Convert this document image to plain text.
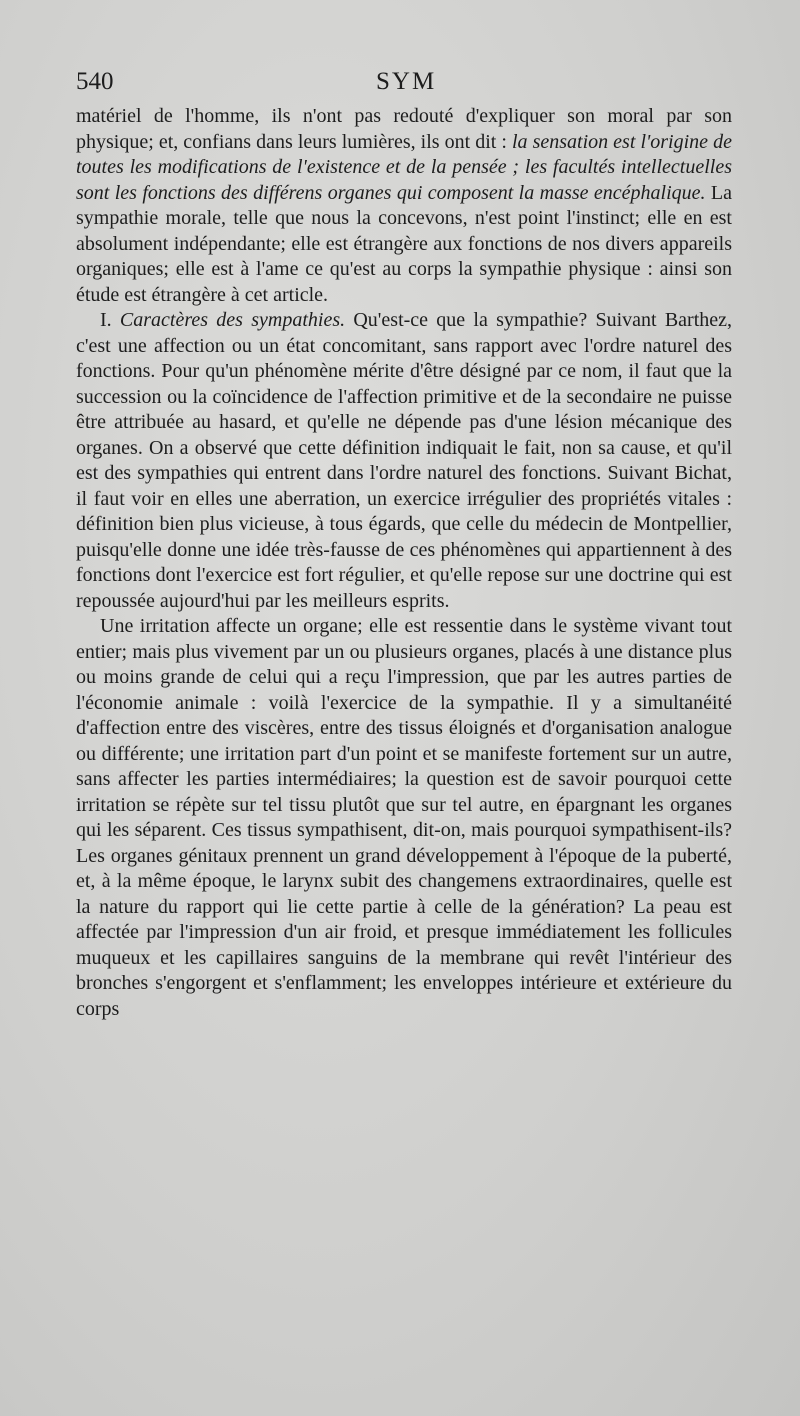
540	SYM

matériel de l'homme, ils n'ont pas redouté d'expliquer son moral par son physique; et, confians dans leurs lumières, ils ont dit : la sensation est l'origine de toutes les modifications de l'existence et de la pensée ; les facultés intellectuelles sont les fonctions des différens organes qui composent la masse encéphalique. La sympathie morale, telle que nous la concevons, n'est point l'instinct; elle en est absolument indépendante; elle est étrangère aux fonctions de nos divers appareils organiques; elle est à l'ame ce qu'est au corps la sympathie physique : ainsi son étude est étrangère à cet article.

I. Caractères des sympathies. Qu'est-ce que la sympathie? Suivant Barthez, c'est une affection ou un état concomitant, sans rapport avec l'ordre naturel des fonctions. Pour qu'un phénomène mérite d'être désigné par ce nom, il faut que la succession ou la coïncidence de l'affection primitive et de la secondaire ne puisse être attribuée au hasard, et qu'elle ne dépende pas d'une lésion mécanique des organes. On a observé que cette définition indiquait le fait, non sa cause, et qu'il est des sympathies qui entrent dans l'ordre naturel des fonctions. Suivant Bichat, il faut voir en elles une aberration, un exercice irrégulier des propriétés vitales : définition bien plus vicieuse, à tous égards, que celle du médecin de Montpellier, puisqu'elle donne une idée très-fausse de ces phénomènes qui appartiennent à des fonctions dont l'exercice est fort régulier, et qu'elle repose sur une doctrine qui est repoussée aujourd'hui par les meilleurs esprits.

Une irritation affecte un organe; elle est ressentie dans le système vivant tout entier; mais plus vivement par un ou plusieurs organes, placés à une distance plus ou moins grande de celui qui a reçu l'impression, que par les autres parties de l'économie animale : voilà l'exercice de la sympathie. Il y a simultanéité d'affection entre des viscères, entre des tissus éloignés et d'organisation analogue ou différente; une irritation part d'un point et se manifeste fortement sur un autre, sans affecter les parties intermédiaires; la question est de savoir pourquoi cette irritation se répète sur tel tissu plutôt que sur tel autre, en épargnant les organes qui les séparent. Ces tissus sympathisent, dit-on, mais pourquoi sympathisent-ils? Les organes génitaux prennent un grand développement à l'époque de la puberté, et, à la même époque, le larynx subit des changemens extraordinaires, quelle est la nature du rapport qui lie cette partie à celle de la génération? La peau est affectée par l'impression d'un air froid, et presque immédiatement les follicules muqueux et les capillaires sanguins de la membrane qui revêt l'intérieur des bronches s'engorgent et s'enflamment; les enveloppes intérieure et extérieure du corps
